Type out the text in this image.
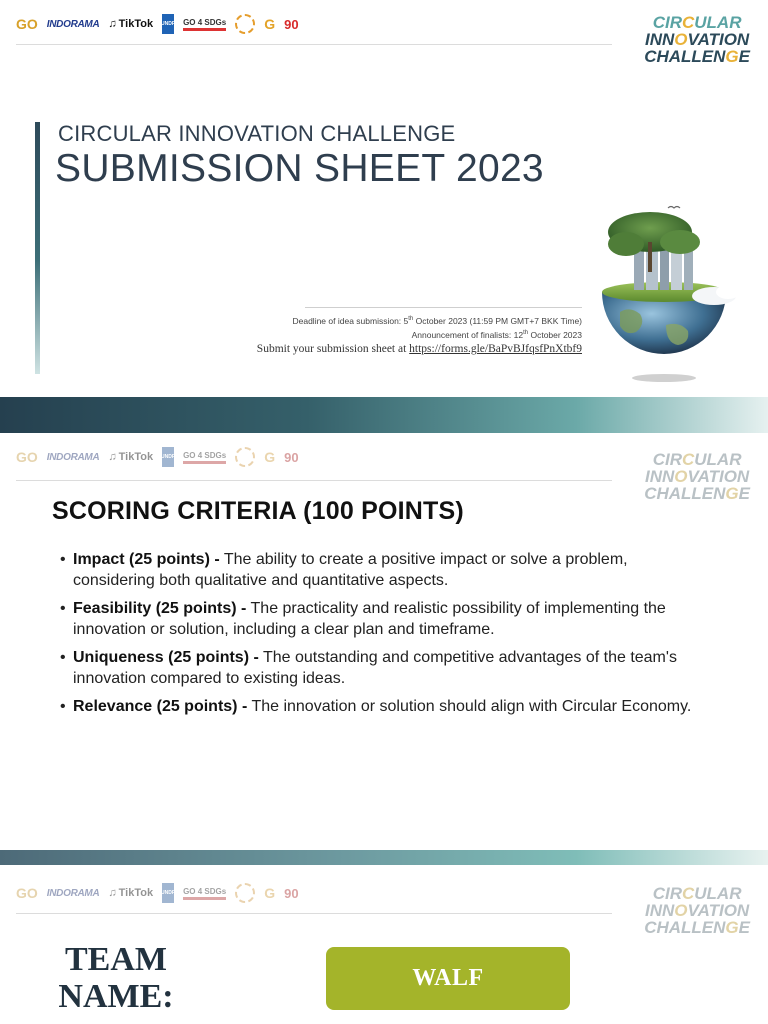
GO INDORAMA ♫ TikTok UNDP GO 4 SDGs	G 90	CIRCULAR
INNOVATION
CHALLENGE
CIRCULAR INNOVATION CHALLENGE
SUBMISSION SHEET 2023
Deadline of idea submission: 5th October 2023 (11:59 PM GMT+7 BKK Time)
Announcement of finalists: 12th October 2023
Submit your submission sheet at https://forms.gle/BaPvBJfqsfPnXtbf9
GO INDORAMA ♫ TikTok UNDP GO 4 SDGs	G 90	CIRCULAR
INNOVATION
CHALLENGE
SCORING CRITERIA (100 POINTS)
• Impact (25 points) - The ability to create a positive impact or solve a problem, considering both qualitative and quantitative aspects.
• Feasibility (25 points) - The practicality and realistic possibility of implementing the innovation or solution, including a clear plan and timeframe.
• Uniqueness (25 points) - The outstanding and competitive advantages of the team's innovation compared to existing ideas.
• Relevance (25 points) - The innovation or solution should align with Circular Economy.
GO INDORAMA ♫ TikTok UNDP GO 4 SDGs	G 90	CIRCULAR
INNOVATION
CHALLENGE
TEAM
NAME:	WALF
